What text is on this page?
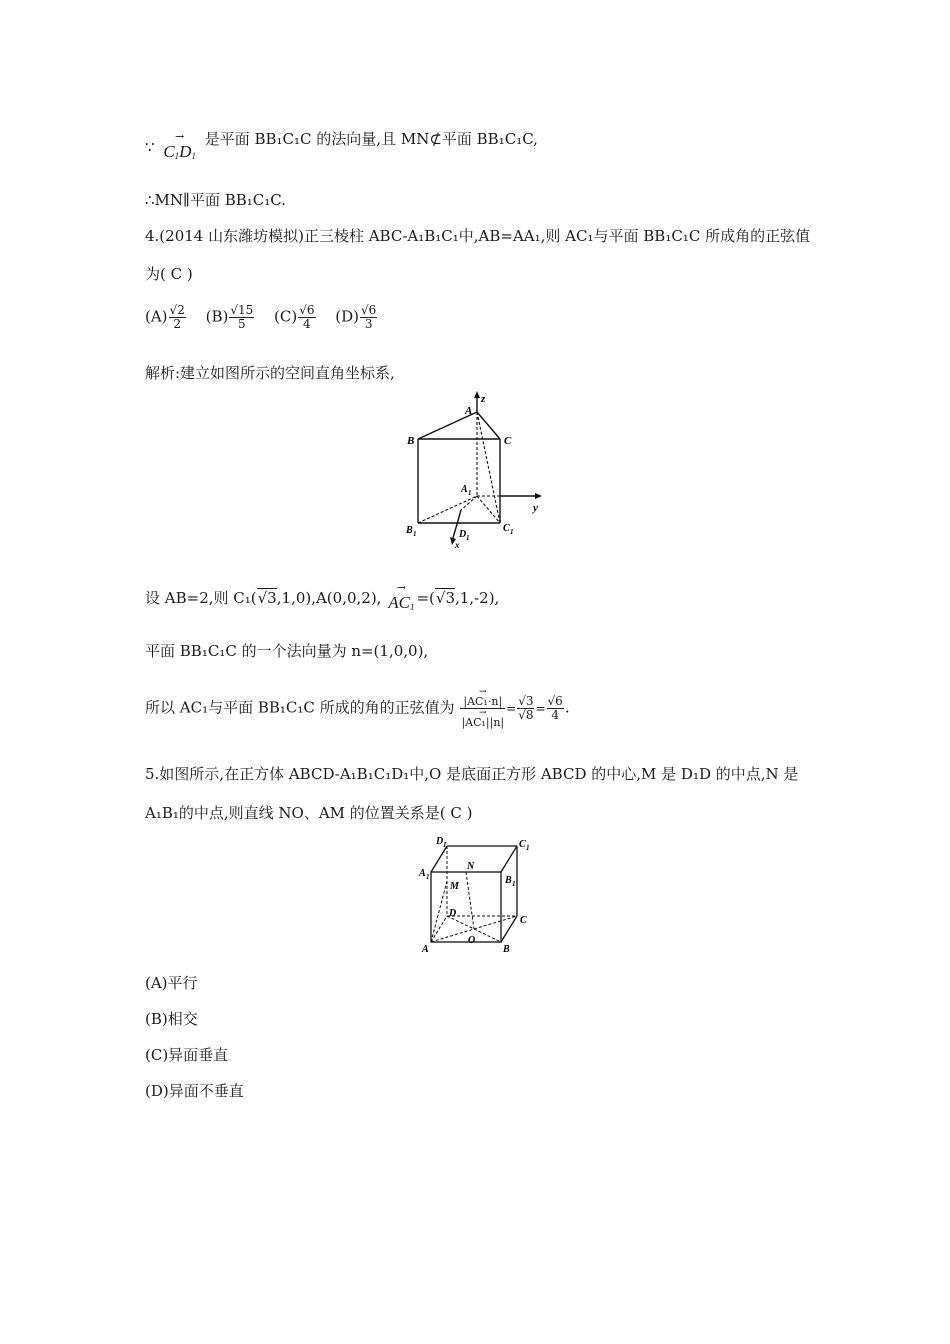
∵
→
$C_1D_1$
是平面 BB₁C₁C 的法向量,且 MN⊄平面 BB₁C₁C,
∴MN∥平面 BB₁C₁C.
4.(2014 山东潍坊模拟)正三棱柱 ABC-A₁B₁C₁中,AB=AA₁,则 AC₁与平面 BB₁C₁C 所成角的正弦值
为( C )
$(A) \frac{√2}{2} (B) \frac{√15}{5} (C) \frac{√6}{4} (D) \frac{√6}{3}$
解析:建立如图所示的空间直角坐标系,
A
z
B	C
A 1
y
B 1	D 1
C 1
x
设 AB=2,则 C₁(√3,1,0),A(0,0,2),
→
$AC_1 =(√3,1,-2)$,
平面 BB₁C₁C 的一个法向量为 n=(1,0,0),
所以 AC₁与平面 BB₁C₁C 所成的角的正弦值为
→
|AC₁·n|
→
|AC₁||n|
= $\frac{√3}{√8} = \frac{√6}{4}$ .
5.如图所示,在正方体 ABCD-A₁B₁C₁D₁中,O 是底面正方形 ABCD 的中心,M 是 D₁D 的中点,N 是
A₁B₁的中点,则直线 NO、AM 的位置关系是( C )
D 1
N
C 1
A 1
M
B 1
D
C
O
A	B
(A)平行
(B)相交
(C)异面垂直
(D)异面不垂直
